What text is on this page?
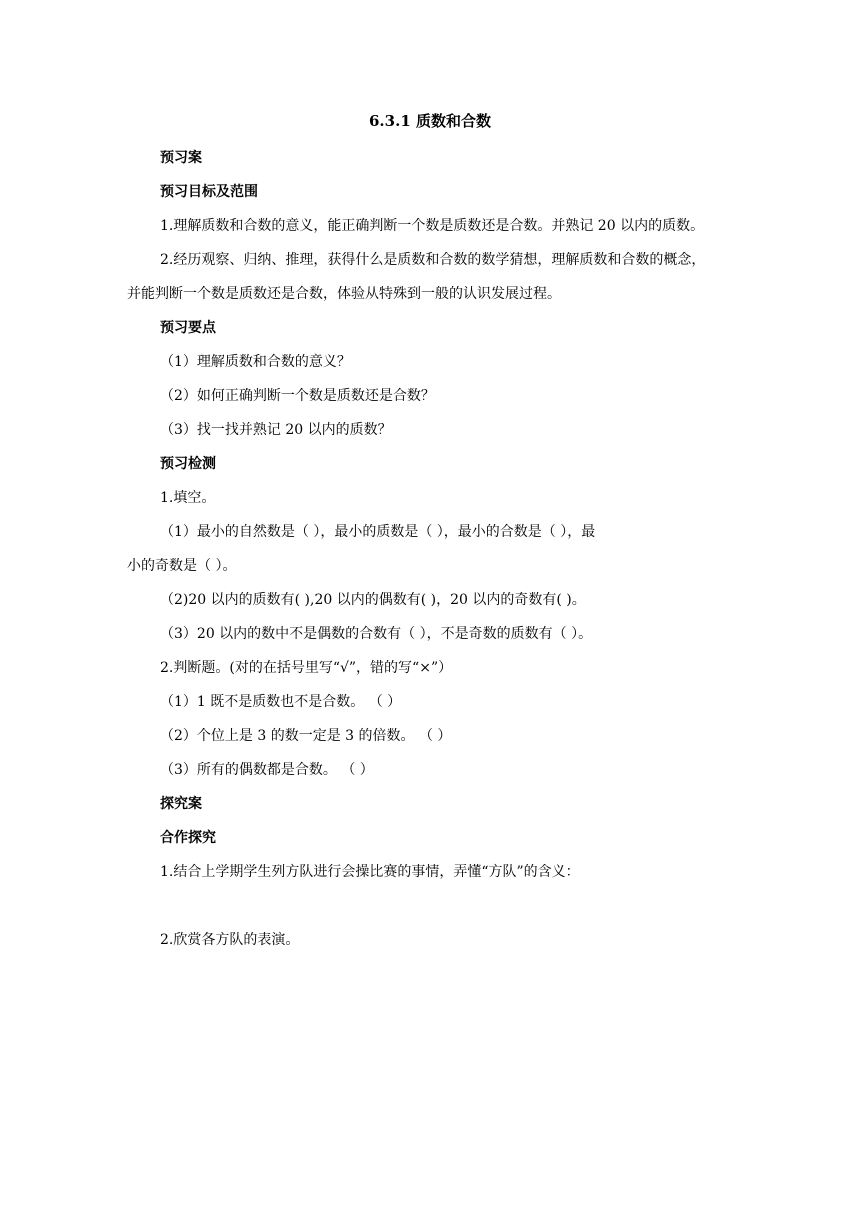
6.3.1 质数和合数
预习案
预习目标及范围
1.理解质数和合数的意义，能正确判断一个数是质数还是合数。并熟记 20 以内的质数。
2.经历观察、归纳、推理，获得什么是质数和合数的数学猜想，理解质数和合数的概念，
并能判断一个数是质数还是合数，体验从特殊到一般的认识发展过程。
预习要点
（1）理解质数和合数的意义？
（2）如何正确判断一个数是质数还是合数？
（3）找一找并熟记 20 以内的质数？
预习检测
1.填空。
（1）最小的自然数是（ ），最小的质数是（ ），最小的合数是（ ），最
小的奇数是（ ）。
（2)20 以内的质数有( ),20 以内的偶数有( )，20 以内的奇数有( )。
（3）20 以内的数中不是偶数的合数有（ ），不是奇数的质数有（ ）。
2.判断题。(对的在括号里写“√”，错的写“×”）
（1）1 既不是质数也不是合数。 （ ）
（2）个位上是 3 的数一定是 3 的倍数。 （ ）
（3）所有的偶数都是合数。 （ ）
探究案
合作探究
1.结合上学期学生列方队进行会操比赛的事情，弄懂“方队”的含义：
2.欣赏各方队的表演。
